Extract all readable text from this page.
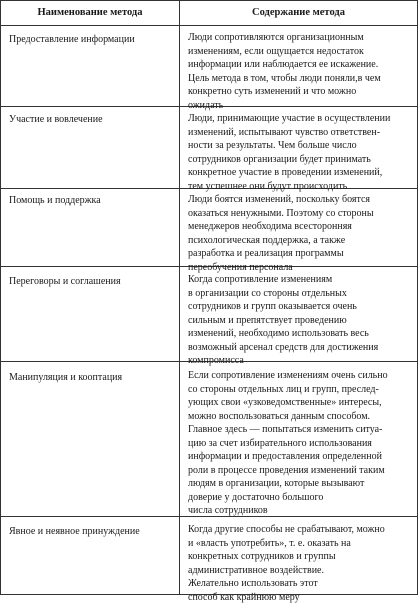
Наименование метода	Содержание метода
Предоставление информации	Люди сопротивляются организационным
изменениям, если ощущается недостаток
информации или наблюдается ее искажение.
Цель метода в том, чтобы люди поняли,в чем
конкретно суть изменений и что можно
ожидать
Участие и вовлечение	Люди, принимающие участие в осуществлении
изменений, испытывают чувство ответствен-
ности за результаты. Чем больше число
сотрудников организации будет принимать
конкретное участие в проведении изменений,
тем успешнее они будут происходить
Помощь и поддержка	Люди боятся изменений, поскольку боятся
оказаться ненужными. Поэтому со стороны
менеджеров необходима всесторонняя
психологическая поддержка, а также
разработка и реализация программы
переобучения персонала
Переговоры и соглашения	Когда сопротивление изменениям
в организации со стороны отдельных
сотрудников и групп оказывается очень
сильным и препятствует проведению
изменений, необходимо использовать весь
возможный арсенал средств для достижения
компромисса
Манипуляция и кооптация	Если сопротивление изменениям очень сильно
со стороны отдельных лиц и групп, преслед-
ующих свои «узковедомственные» интересы,
можно воспользоваться данным способом.
Главное здесь — попытаться изменить ситуа-
цию за счет избирательного использования
информации и предоставления определенной
роли в процессе проведения изменений таким
людям в организации, которые вызывают
доверие у достаточно большого
числа сотрудников
Явное и неявное принуждение	Когда другие способы не срабатывают, можно
и «власть употребить», т. е. оказать на
конкретных сотрудников и группы
административное воздействие.
Желательно использовать этот
способ как крайнюю меру
